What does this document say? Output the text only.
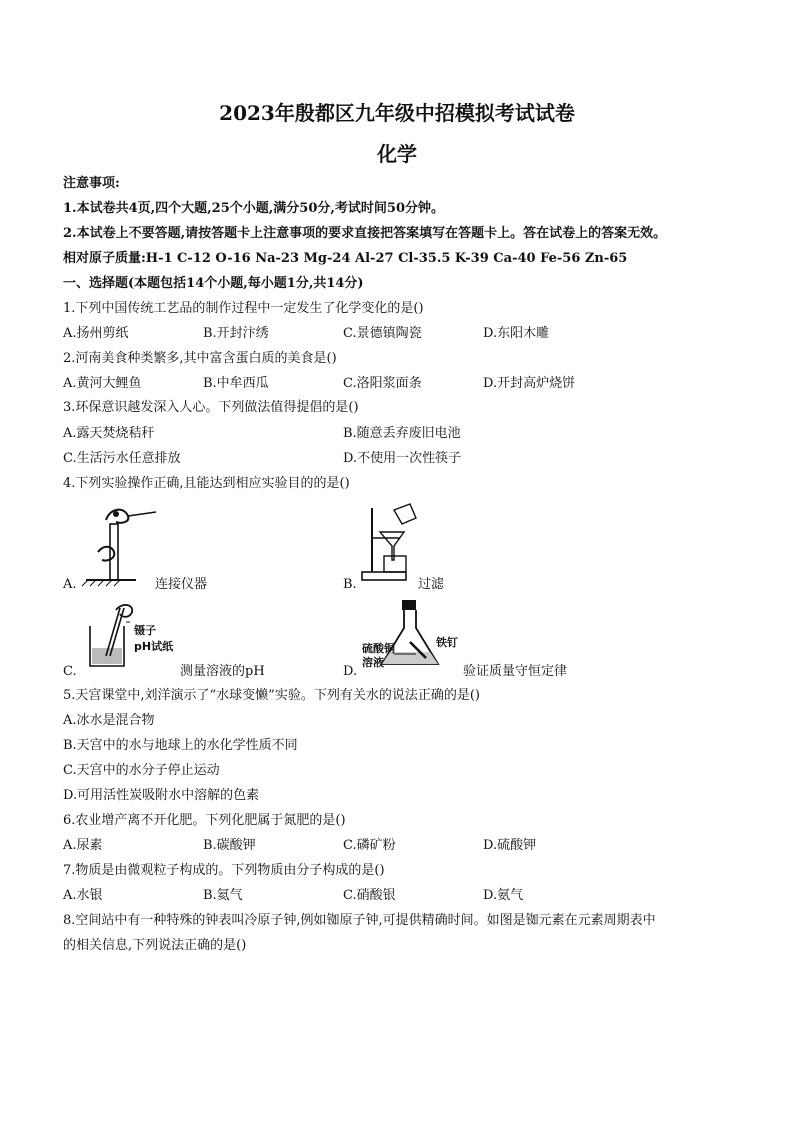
2023年殷都区九年级中招模拟考试试卷
化学
注意事项:
1.本试卷共4页,四个大题,25个小题,满分50分,考试时间50分钟。
2.本试卷上不要答题,请按答题卡上注意事项的要求直接把答案填写在答题卡上。答在试卷上的答案无效。
相对原子质量:H-1 C-12 O-16 Na-23 Mg-24 Al-27 Cl-35.5 K-39 Ca-40 Fe-56 Zn-65
一、选择题(本题包括14个小题,每小题1分,共14分)
1.下列中国传统工艺品的制作过程中一定发生了化学变化的是()
A.扬州剪纸	B.开封汴绣	C.景德镇陶瓷	D.东阳木雕
2.河南美食种类繁多,其中富含蛋白质的美食是()
A.黄河大鲤鱼	B.中牟西瓜	C.洛阳浆面条	D.开封高炉烧饼
3.环保意识越发深入人心。下列做法值得提倡的是()
A.露天焚烧秸秆	B.随意丢弃废旧电池
C.生活污水任意排放	D.不使用一次性筷子
4.下列实验操作正确,且能达到相应实验目的的是()
A.	连接仪器	B.	过滤
镊子
pH试纸
C.	测量溶液的pH
硫酸铜
溶液
铁钉
D.	验证质量守恒定律
5.天宫课堂中,刘洋演示了“水球变懒”实验。下列有关水的说法正确的是()
A.冰水是混合物
B.天宫中的水与地球上的水化学性质不同
C.天宫中的水分子停止运动
D.可用活性炭吸附水中溶解的色素
6.农业增产离不开化肥。下列化肥属于氮肥的是()
A.尿素	B.碳酸钾	C.磷矿粉	D.硫酸钾
7.物质是由微观粒子构成的。下列物质由分子构成的是()
A.水银	B.氦气	C.硝酸银	D.氨气
8.空间站中有一种特殊的钟表叫冷原子钟,例如铷原子钟,可提供精确时间。如图是铷元素在元素周期表中
的相关信息,下列说法正确的是()
